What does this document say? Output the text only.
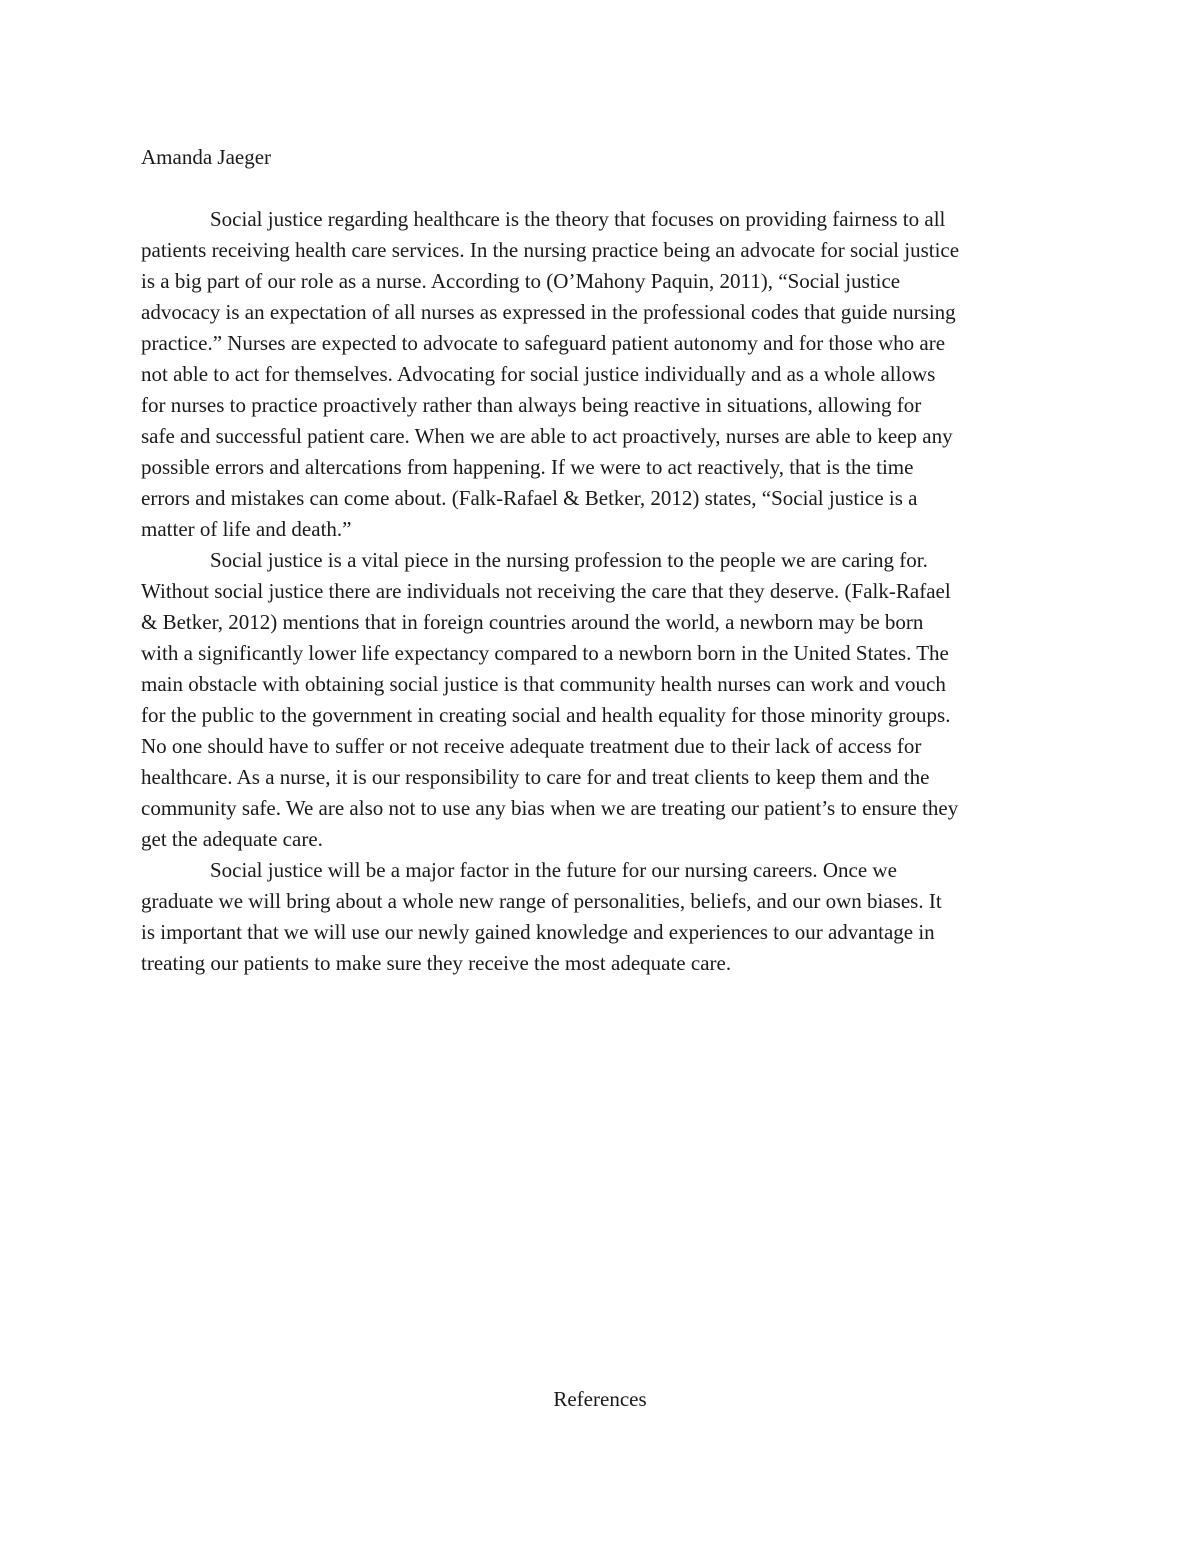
Amanda Jaeger

Social justice regarding healthcare is the theory that focuses on providing fairness to all
patients receiving health care services. In the nursing practice being an advocate for social justice
is a big part of our role as a nurse. According to (O’Mahony Paquin, 2011), “Social justice
advocacy is an expectation of all nurses as expressed in the professional codes that guide nursing
practice.” Nurses are expected to advocate to safeguard patient autonomy and for those who are
not able to act for themselves. Advocating for social justice individually and as a whole allows
for nurses to practice proactively rather than always being reactive in situations, allowing for
safe and successful patient care. When we are able to act proactively, nurses are able to keep any
possible errors and altercations from happening. If we were to act reactively, that is the time
errors and mistakes can come about. (Falk-Rafael & Betker, 2012) states, “Social justice is a
matter of life and death.”

Social justice is a vital piece in the nursing profession to the people we are caring for.
Without social justice there are individuals not receiving the care that they deserve. (Falk-Rafael
& Betker, 2012) mentions that in foreign countries around the world, a newborn may be born
with a significantly lower life expectancy compared to a newborn born in the United States. The
main obstacle with obtaining social justice is that community health nurses can work and vouch
for the public to the government in creating social and health equality for those minority groups.
No one should have to suffer or not receive adequate treatment due to their lack of access for
healthcare. As a nurse, it is our responsibility to care for and treat clients to keep them and the
community safe. We are also not to use any bias when we are treating our patient’s to ensure they
get the adequate care.

Social justice will be a major factor in the future for our nursing careers. Once we
graduate we will bring about a whole new range of personalities, beliefs, and our own biases. It
is important that we will use our newly gained knowledge and experiences to our advantage in
treating our patients to make sure they receive the most adequate care.

References
